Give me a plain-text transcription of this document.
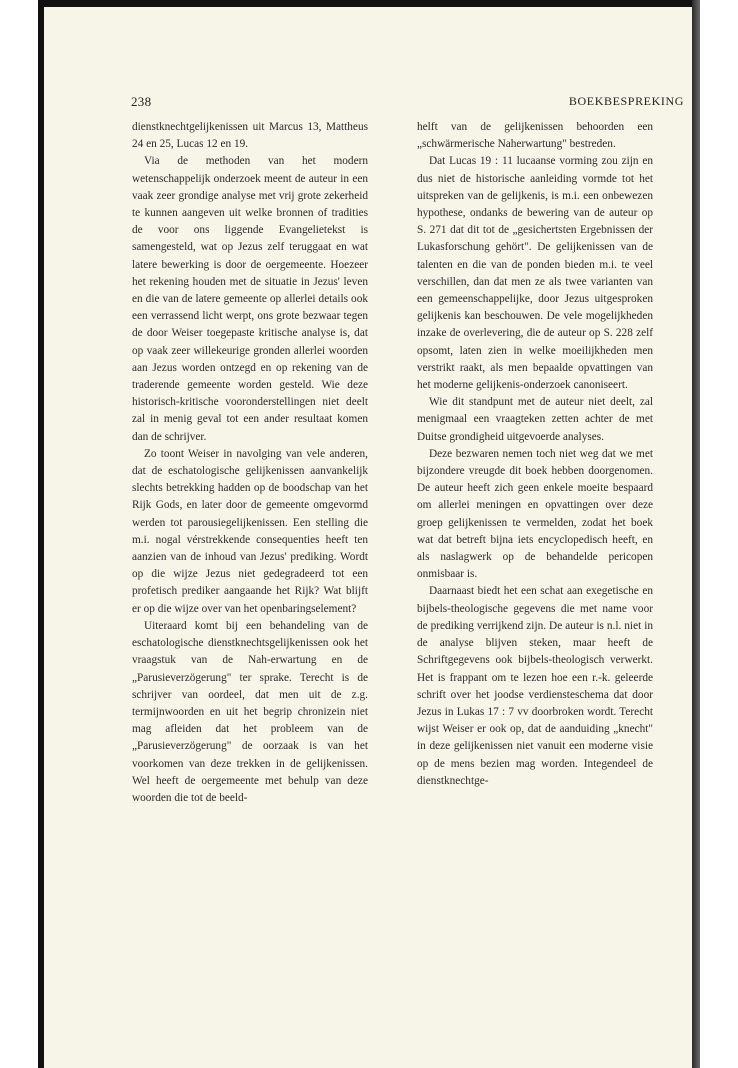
238	BOEKBESPREKING

dienstknechtgelijkenissen uit Marcus 13, Mattheus 24 en 25, Lucas 12 en 19.

Via de methoden van het modern wetenschappelijk onderzoek meent de auteur in een vaak zeer grondige analyse met vrij grote zekerheid te kunnen aangeven uit welke bronnen of tradities de voor ons liggende Evangelietekst is samengesteld, wat op Jezus zelf teruggaat en wat latere bewerking is door de oergemeente. Hoezeer het rekening houden met de situatie in Jezus' leven en die van de latere gemeente op allerlei details ook een verrassend licht werpt, ons grote bezwaar tegen de door Weiser toegepaste kritische analyse is, dat op vaak zeer willekeurige gronden allerlei woorden aan Jezus worden ontzegd en op rekening van de traderende gemeente worden gesteld. Wie deze historisch-kritische vooronderstellingen niet deelt zal in menig geval tot een ander resultaat komen dan de schrijver.

Zo toont Weiser in navolging van vele anderen, dat de eschatologische gelijkenissen aanvankelijk slechts betrekking hadden op de boodschap van het Rijk Gods, en later door de gemeente omgevormd werden tot parousiegelijkenissen. Een stelling die m.i. nogal vérstrekkende consequenties heeft ten aanzien van de inhoud van Jezus' prediking. Wordt op die wijze Jezus niet gedegradeerd tot een profetisch prediker aangaande het Rijk? Wat blijft er op die wijze over van het openbaringselement?

Uiteraard komt bij een behandeling van de eschatologische dienstknechtsgelijkenissen ook het vraagstuk van de Nah-erwartung en de „Parusieverzögerung" ter sprake. Terecht is de schrijver van oordeel, dat men uit de z.g. termijnwoorden en uit het begrip chronizein niet mag afleiden dat het probleem van de „Parusieverzögerung" de oorzaak is van het voorkomen van deze trekken in de gelijkenissen. Wel heeft de oergemeente met behulp van deze woorden die tot de beeld-

helft van de gelijkenissen behoorden een „schwärmerische Naherwartung" bestreden.

Dat Lucas 19 : 11 lucaanse vorming zou zijn en dus niet de historische aanleiding vormde tot het uitspreken van de gelijkenis, is m.i. een onbewezen hypothese, ondanks de bewering van de auteur op S. 271 dat dit tot de „gesichertsten Ergebnissen der Lukasforschung gehört". De gelijkenissen van de talenten en die van de ponden bieden m.i. te veel verschillen, dan dat men ze als twee varianten van een gemeenschappelijke, door Jezus uitgesproken gelijkenis kan beschouwen. De vele mogelijkheden inzake de overlevering, die de auteur op S. 228 zelf opsomt, laten zien in welke moeilijkheden men verstrikt raakt, als men bepaalde opvattingen van het moderne gelijkenis-onderzoek canoniseert.

Wie dit standpunt met de auteur niet deelt, zal menigmaal een vraagteken zetten achter de met Duitse grondigheid uitgevoerde analyses.

Deze bezwaren nemen toch niet weg dat we met bijzondere vreugde dit boek hebben doorgenomen. De auteur heeft zich geen enkele moeite bespaard om allerlei meningen en opvattingen over deze groep gelijkenissen te vermelden, zodat het boek wat dat betreft bijna iets encyclopedisch heeft, en als naslagwerk op de behandelde pericopen onmisbaar is.

Daarnaast biedt het een schat aan exegetische en bijbels-theologische gegevens die met name voor de prediking verrijkend zijn. De auteur is n.l. niet in de analyse blijven steken, maar heeft de Schriftgegevens ook bijbels-theologisch verwerkt. Het is frappant om te lezen hoe een r.-k. geleerde schrift over het joodse verdiensteschema dat door Jezus in Lukas 17 : 7 vv doorbroken wordt. Terecht wijst Weiser er ook op, dat de aanduiding „knecht" in deze gelijkenissen niet vanuit een moderne visie op de mens bezien mag worden. Integendeel de dienstknechtge-
